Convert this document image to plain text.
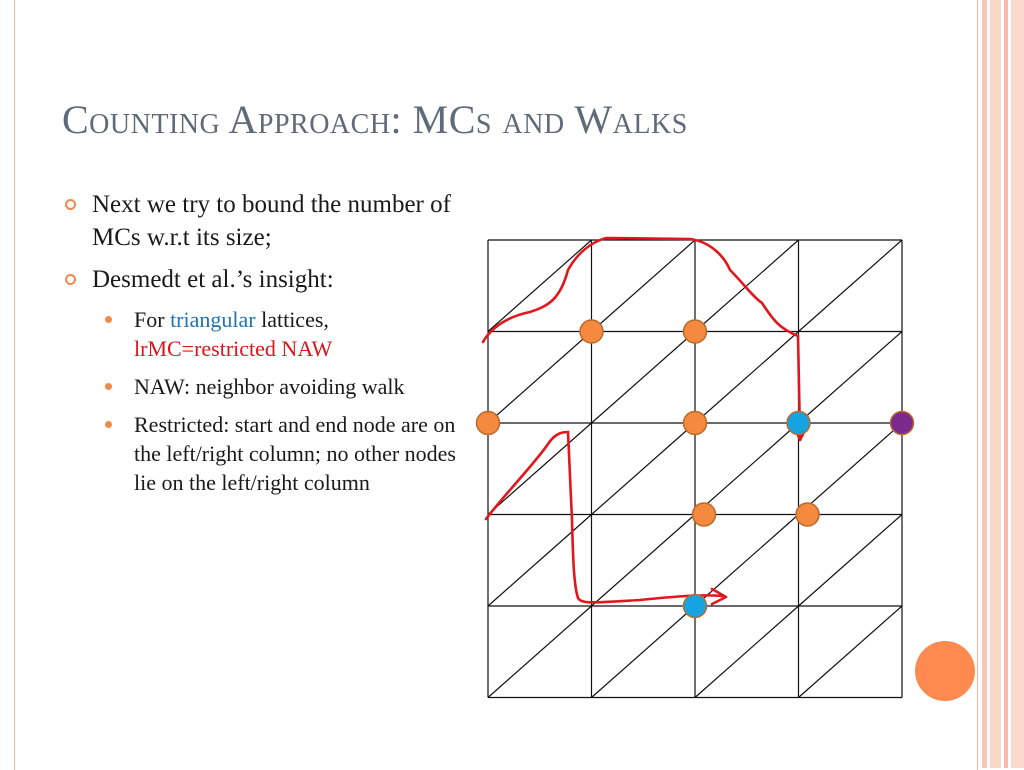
Counting Approach: MCs and Walks
Next we try to bound the number of MCs w.r.t its size;
Desmedt et al.’s insight:
For triangular lattices,
lrMC=restricted NAW
NAW: neighbor avoiding walk
Restricted: start and end node are on the left/right column; no other nodes lie on the left/right column
